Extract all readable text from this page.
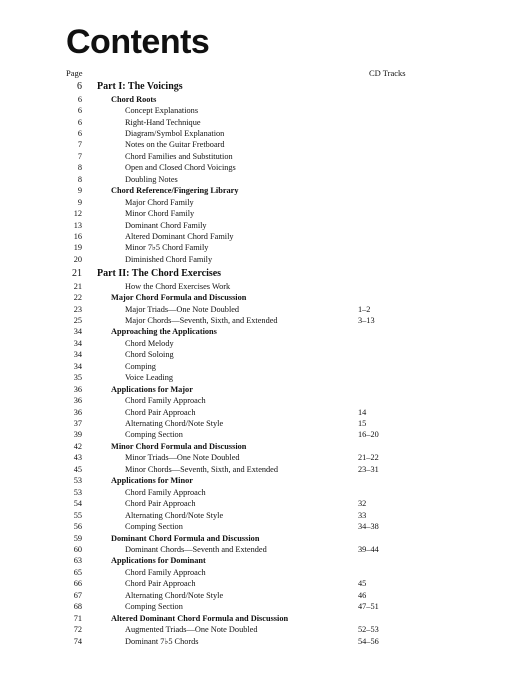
Contents
Page	CD Tracks
6 Part I: The Voicings
6	Chord Roots
6	Concept Explanations
6	Right-Hand Technique
6	Diagram/Symbol Explanation
7	Notes on the Guitar Fretboard
7	Chord Families and Substitution
8	Open and Closed Chord Voicings
8	Doubling Notes
9	Chord Reference/Fingering Library
9	Major Chord Family
12	Minor Chord Family
13	Dominant Chord Family
16	Altered Dominant Chord Family
19	Minor 7♭5 Chord Family
20	Diminished Chord Family
21 Part II: The Chord Exercises
21	How the Chord Exercises Work
22	Major Chord Formula and Discussion
23	Major Triads—One Note Doubled	1–2
25	Major Chords—Seventh, Sixth, and Extended	3–13
34	Approaching the Applications
34	Chord Melody
34	Chord Soloing
34	Comping
35	Voice Leading
36	Applications for Major
36	Chord Family Approach
36	Chord Pair Approach	14
37	Alternating Chord/Note Style	15
39	Comping Section	16–20
42	Minor Chord Formula and Discussion
43	Minor Triads—One Note Doubled	21–22
45	Minor Chords—Seventh, Sixth, and Extended	23–31
53	Applications for Minor
53	Chord Family Approach
54	Chord Pair Approach	32
55	Alternating Chord/Note Style	33
56	Comping Section	34–38
59	Dominant Chord Formula and Discussion
60	Dominant Chords—Seventh and Extended	39–44
63	Applications for Dominant
65	Chord Family Approach
66	Chord Pair Approach	45
67	Alternating Chord/Note Style	46
68	Comping Section	47–51
71	Altered Dominant Chord Formula and Discussion
72	Augmented Triads—One Note Doubled	52–53
74	Dominant 7♭5 Chords	54–56
